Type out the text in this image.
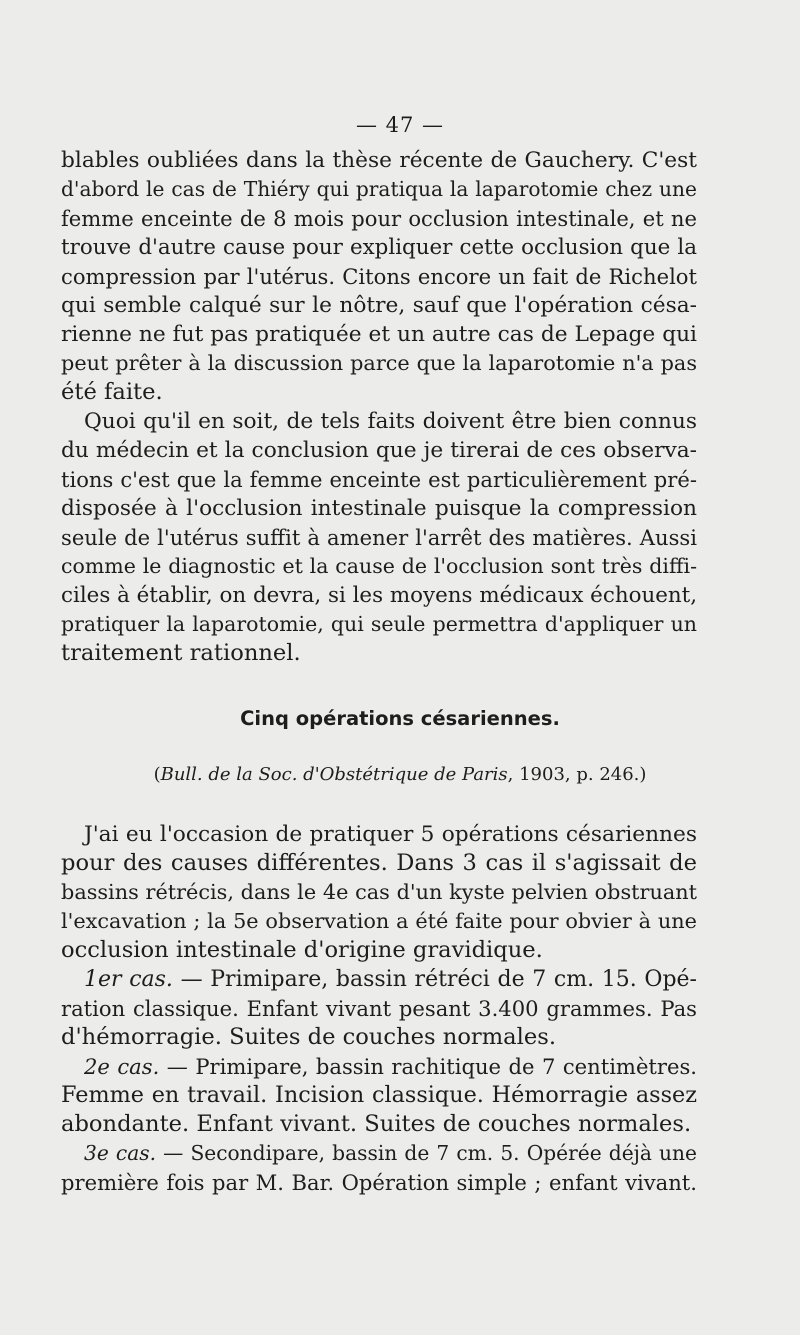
— 47 —
blables oubliées dans la thèse récente de Gauchery. C'est
d'abord le cas de Thiéry qui pratiqua la laparotomie chez une
femme enceinte de 8 mois pour occlusion intestinale, et ne
trouve d'autre cause pour expliquer cette occlusion que la
compression par l'utérus. Citons encore un fait de Richelot
qui semble calqué sur le nôtre, sauf que l'opération césa-
rienne ne fut pas pratiquée et un autre cas de Lepage qui
peut prêter à la discussion parce que la laparotomie n'a pas
été faite.
Quoi qu'il en soit, de tels faits doivent être bien connus
du médecin et la conclusion que je tirerai de ces observa-
tions c'est que la femme enceinte est particulièrement pré-
disposée à l'occlusion intestinale puisque la compression
seule de l'utérus suffit à amener l'arrêt des matières. Aussi
comme le diagnostic et la cause de l'occlusion sont très diffi-
ciles à établir, on devra, si les moyens médicaux échouent,
pratiquer la laparotomie, qui seule permettra d'appliquer un
traitement rationnel.
Cinq opérations césariennes.
(Bull. de la Soc. d'Obstétrique de Paris, 1903, p. 246.)
J'ai eu l'occasion de pratiquer 5 opérations césariennes
pour des causes différentes. Dans 3 cas il s'agissait de
bassins rétrécis, dans le 4e cas d'un kyste pelvien obstruant
l'excavation ; la 5e observation a été faite pour obvier à une
occlusion intestinale d'origine gravidique.
1er cas. — Primipare, bassin rétréci de 7 cm. 15. Opé-
ration classique. Enfant vivant pesant 3.400 grammes. Pas
d'hémorragie. Suites de couches normales.
2e cas. — Primipare, bassin rachitique de 7 centimètres.
Femme en travail. Incision classique. Hémorragie assez
abondante. Enfant vivant. Suites de couches normales.
3e cas. — Secondipare, bassin de 7 cm. 5. Opérée déjà une
première fois par M. Bar. Opération simple ; enfant vivant.
